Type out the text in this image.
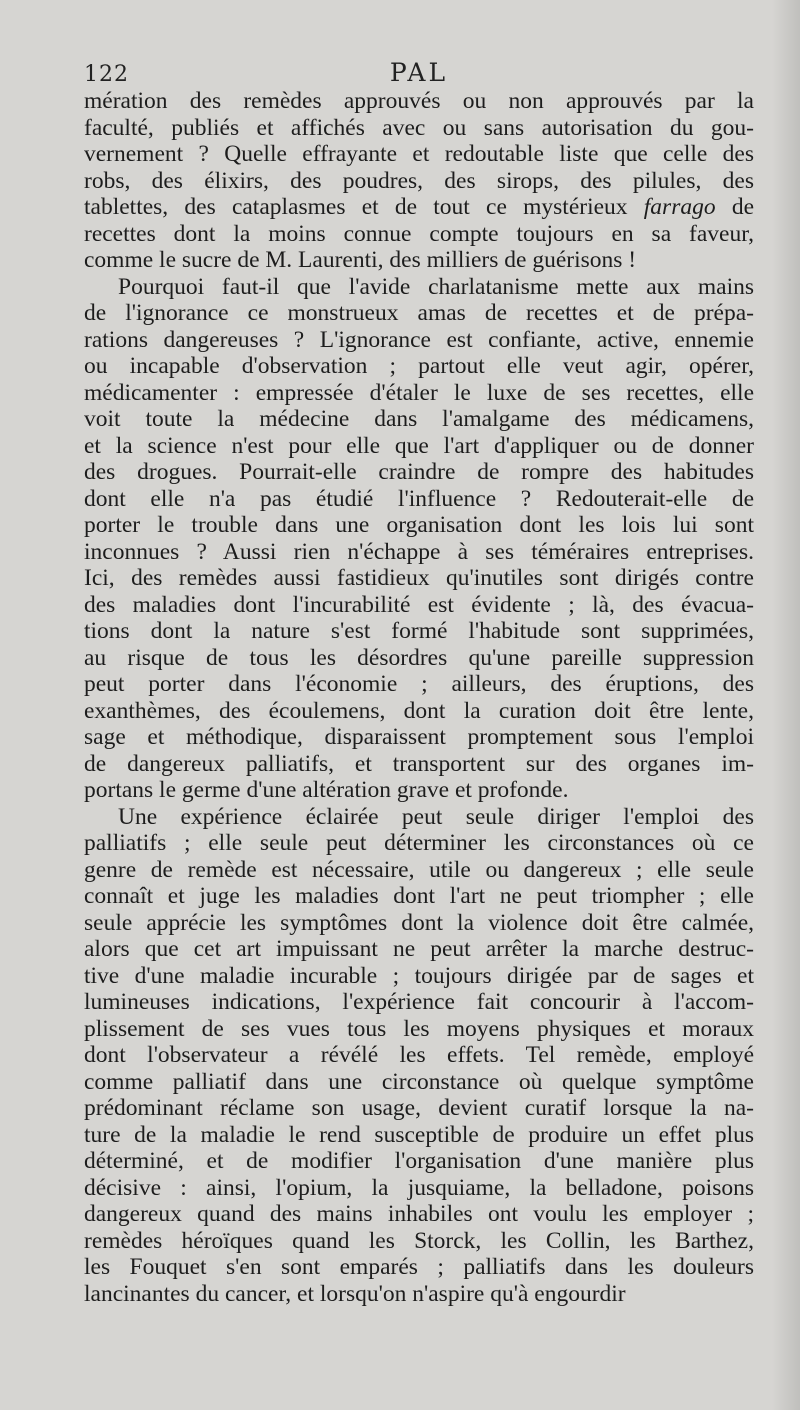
122	PAL
mération des remèdes approuvés ou non approuvés par la
faculté, publiés et affichés avec ou sans autorisation du gou-
vernement ? Quelle effrayante et redoutable liste que celle des
robs, des élixirs, des poudres, des sirops, des pilules, des
tablettes, des cataplasmes et de tout ce mystérieux farrago de
recettes dont la moins connue compte toujours en sa faveur,
comme le sucre de M. Laurenti, des milliers de guérisons !
Pourquoi faut-il que l'avide charlatanisme mette aux mains
de l'ignorance ce monstrueux amas de recettes et de prépa-
rations dangereuses ? L'ignorance est confiante, active, ennemie
ou incapable d'observation ; partout elle veut agir, opérer,
médicamenter : empressée d'étaler le luxe de ses recettes, elle
voit toute la médecine dans l'amalgame des médicamens,
et la science n'est pour elle que l'art d'appliquer ou de donner
des drogues. Pourrait-elle craindre de rompre des habitudes
dont elle n'a pas étudié l'influence ? Redouterait-elle de
porter le trouble dans une organisation dont les lois lui sont
inconnues ? Aussi rien n'échappe à ses téméraires entreprises.
Ici, des remèdes aussi fastidieux qu'inutiles sont dirigés contre
des maladies dont l'incurabilité est évidente ; là, des évacua-
tions dont la nature s'est formé l'habitude sont supprimées,
au risque de tous les désordres qu'une pareille suppression
peut porter dans l'économie ; ailleurs, des éruptions, des
exanthèmes, des écoulemens, dont la curation doit être lente,
sage et méthodique, disparaissent promptement sous l'emploi
de dangereux palliatifs, et transportent sur des organes im-
portans le germe d'une altération grave et profonde.
Une expérience éclairée peut seule diriger l'emploi des
palliatifs ; elle seule peut déterminer les circonstances où ce
genre de remède est nécessaire, utile ou dangereux ; elle seule
connaît et juge les maladies dont l'art ne peut triompher ; elle
seule apprécie les symptômes dont la violence doit être calmée,
alors que cet art impuissant ne peut arrêter la marche destruc-
tive d'une maladie incurable ; toujours dirigée par de sages et
lumineuses indications, l'expérience fait concourir à l'accom-
plissement de ses vues tous les moyens physiques et moraux
dont l'observateur a révélé les effets. Tel remède, employé
comme palliatif dans une circonstance où quelque symptôme
prédominant réclame son usage, devient curatif lorsque la na-
ture de la maladie le rend susceptible de produire un effet plus
déterminé, et de modifier l'organisation d'une manière plus
décisive : ainsi, l'opium, la jusquiame, la belladone, poisons
dangereux quand des mains inhabiles ont voulu les employer ;
remèdes héroïques quand les Storck, les Collin, les Barthez,
les Fouquet s'en sont emparés ; palliatifs dans les douleurs
lancinantes du cancer, et lorsqu'on n'aspire qu'à engourdir
